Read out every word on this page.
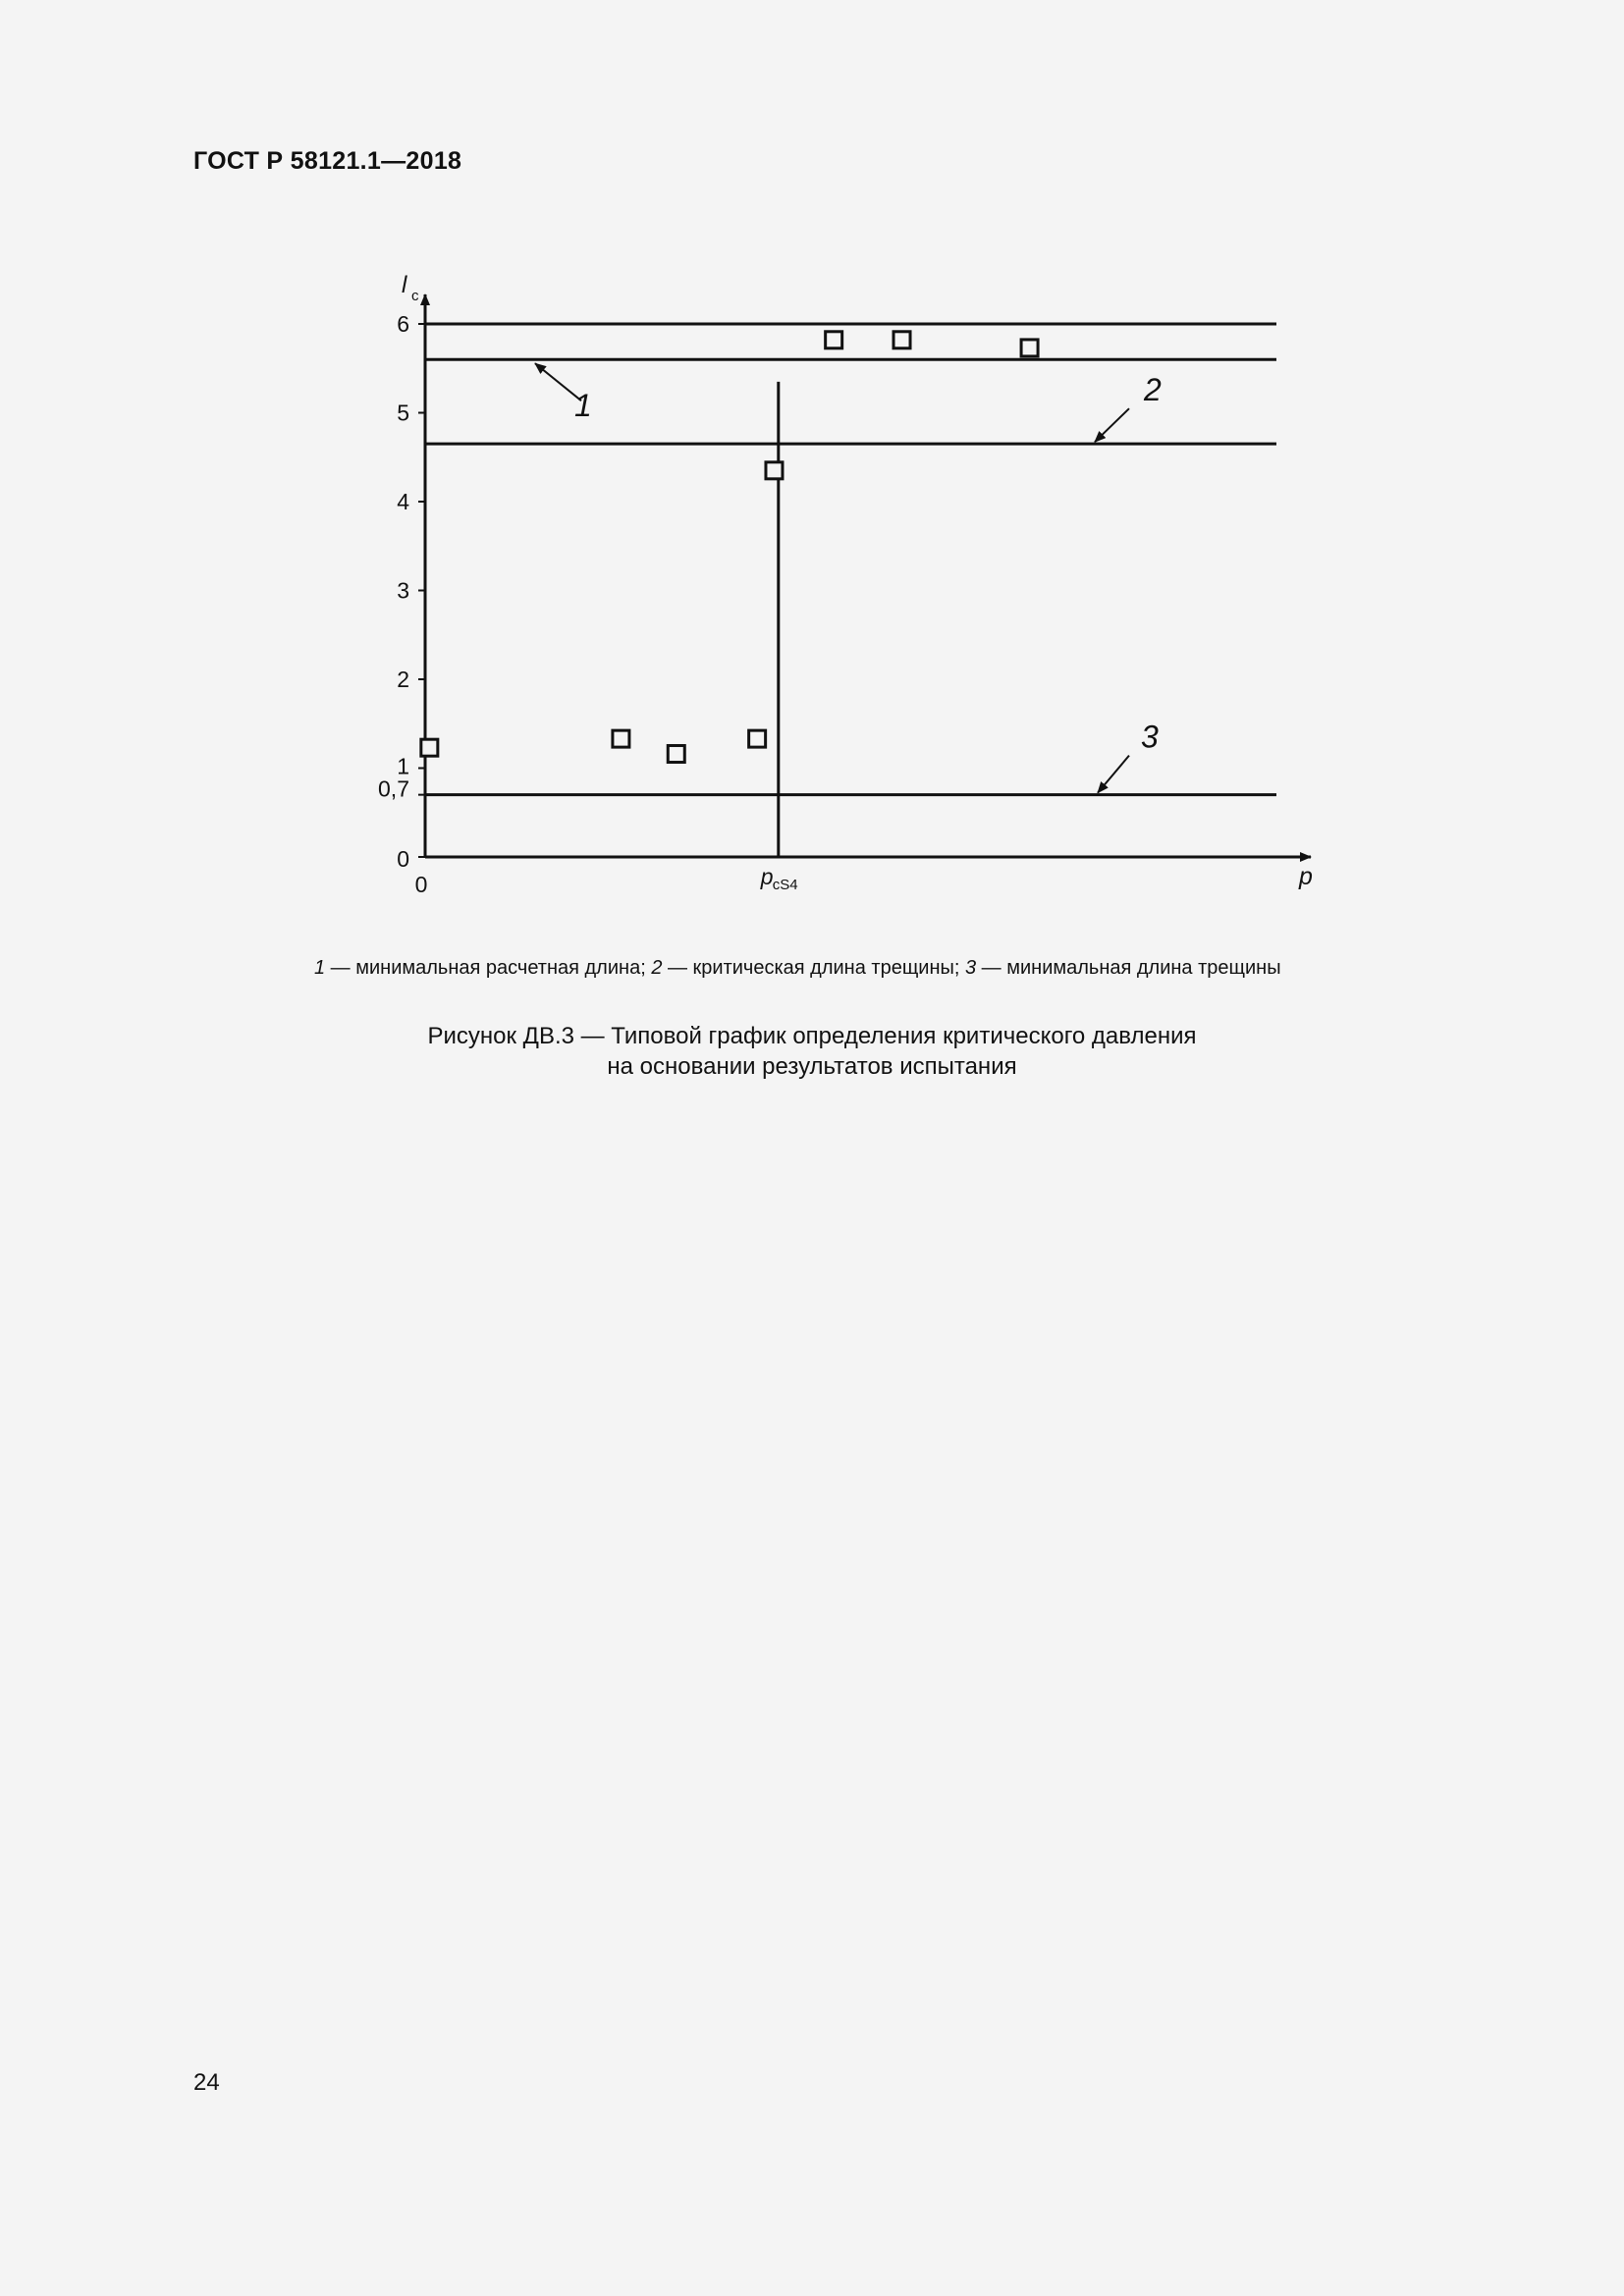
ГОСТ Р 58121.1—2018
0
0,7
1
2
3
4
5
6
l c
0	p
1	2
3
p cS4
1 — минимальная расчетная длина; 2 — критическая длина трещины; 3 — минимальная длина трещины
Рисунок ДВ.3 — Типовой график определения критического давления
на основании результатов испытания
24
